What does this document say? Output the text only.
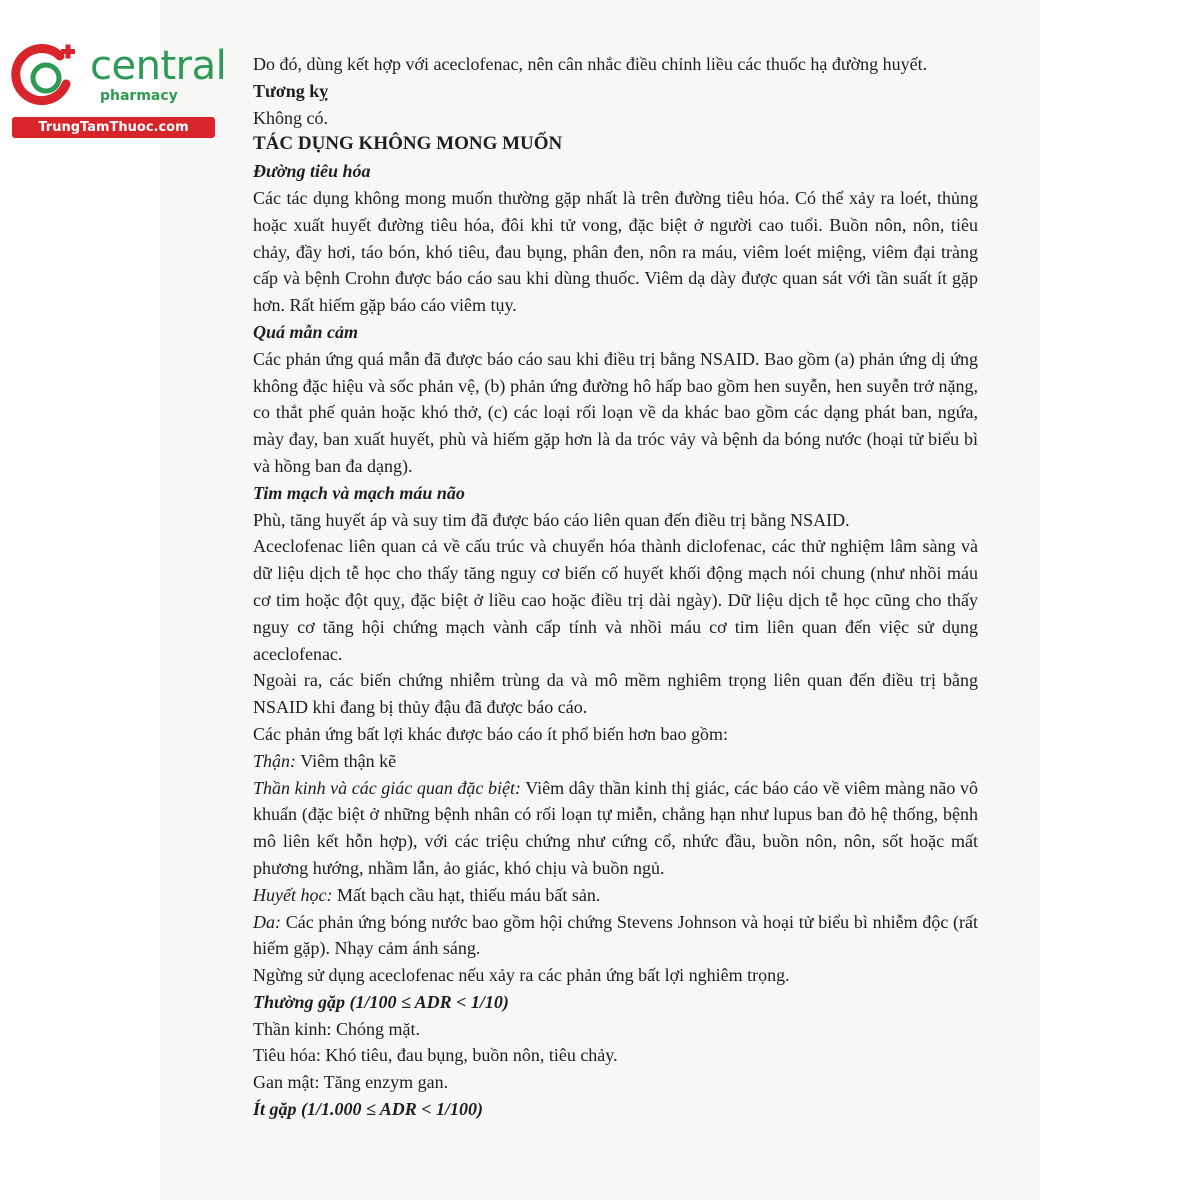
central
pharmacy
TrungTamThuoc.com

Do đó, dùng kết hợp với aceclofenac, nên cân nhắc điều chỉnh liều các thuốc hạ đường huyết.

Tương kỵ

Không có.

TÁC DỤNG KHÔNG MONG MUỐN

Đường tiêu hóa

Các tác dụng không mong muốn thường gặp nhất là trên đường tiêu hóa. Có thể xảy ra loét, thủng hoặc xuất huyết đường tiêu hóa, đôi khi tử vong, đặc biệt ở người cao tuổi. Buồn nôn, nôn, tiêu chảy, đầy hơi, táo bón, khó tiêu, đau bụng, phân đen, nôn ra máu, viêm loét miệng, viêm đại tràng cấp và bệnh Crohn được báo cáo sau khi dùng thuốc. Viêm dạ dày được quan sát với tần suất ít gặp hơn. Rất hiếm gặp báo cáo viêm tụy.

Quá mẫn cảm

Các phản ứng quá mẫn đã được báo cáo sau khi điều trị bằng NSAID. Bao gồm (a) phản ứng dị ứng không đặc hiệu và sốc phản vệ, (b) phản ứng đường hô hấp bao gồm hen suyễn, hen suyễn trở nặng, co thắt phế quản hoặc khó thở, (c) các loại rối loạn về da khác bao gồm các dạng phát ban, ngứa, mày đay, ban xuất huyết, phù và hiếm gặp hơn là da tróc vảy và bệnh da bóng nước (hoại tử biểu bì và hồng ban đa dạng).

Tim mạch và mạch máu não

Phù, tăng huyết áp và suy tim đã được báo cáo liên quan đến điều trị bằng NSAID.

Aceclofenac liên quan cả về cấu trúc và chuyển hóa thành diclofenac, các thử nghiệm lâm sàng và dữ liệu dịch tễ học cho thấy tăng nguy cơ biến cố huyết khối động mạch nói chung (như nhồi máu cơ tim hoặc đột quỵ, đặc biệt ở liều cao hoặc điều trị dài ngày). Dữ liệu dịch tễ học cũng cho thấy nguy cơ tăng hội chứng mạch vành cấp tính và nhồi máu cơ tim liên quan đến việc sử dụng aceclofenac.

Ngoài ra, các biến chứng nhiễm trùng da và mô mềm nghiêm trọng liên quan đến điều trị bằng NSAID khi đang bị thủy đậu đã được báo cáo.

Các phản ứng bất lợi khác được báo cáo ít phổ biến hơn bao gồm:

Thận: Viêm thận kẽ

Thần kinh và các giác quan đặc biệt: Viêm dây thần kinh thị giác, các báo cáo về viêm màng não vô khuẩn (đặc biệt ở những bệnh nhân có rối loạn tự miễn, chẳng hạn như lupus ban đỏ hệ thống, bệnh mô liên kết hỗn hợp), với các triệu chứng như cứng cổ, nhức đầu, buồn nôn, nôn, sốt hoặc mất phương hướng, nhầm lẫn, ảo giác, khó chịu và buồn ngủ.

Huyết học: Mất bạch cầu hạt, thiếu máu bất sản.

Da: Các phản ứng bóng nước bao gồm hội chứng Stevens Johnson và hoại tử biểu bì nhiễm độc (rất hiếm gặp). Nhạy cảm ánh sáng.

Ngừng sử dụng aceclofenac nếu xảy ra các phản ứng bất lợi nghiêm trọng.

Thường gặp (1/100 ≤ ADR < 1/10)

Thần kinh: Chóng mặt.

Tiêu hóa: Khó tiêu, đau bụng, buồn nôn, tiêu chảy.

Gan mật: Tăng enzym gan.

Ít gặp (1/1.000 ≤ ADR < 1/100)
